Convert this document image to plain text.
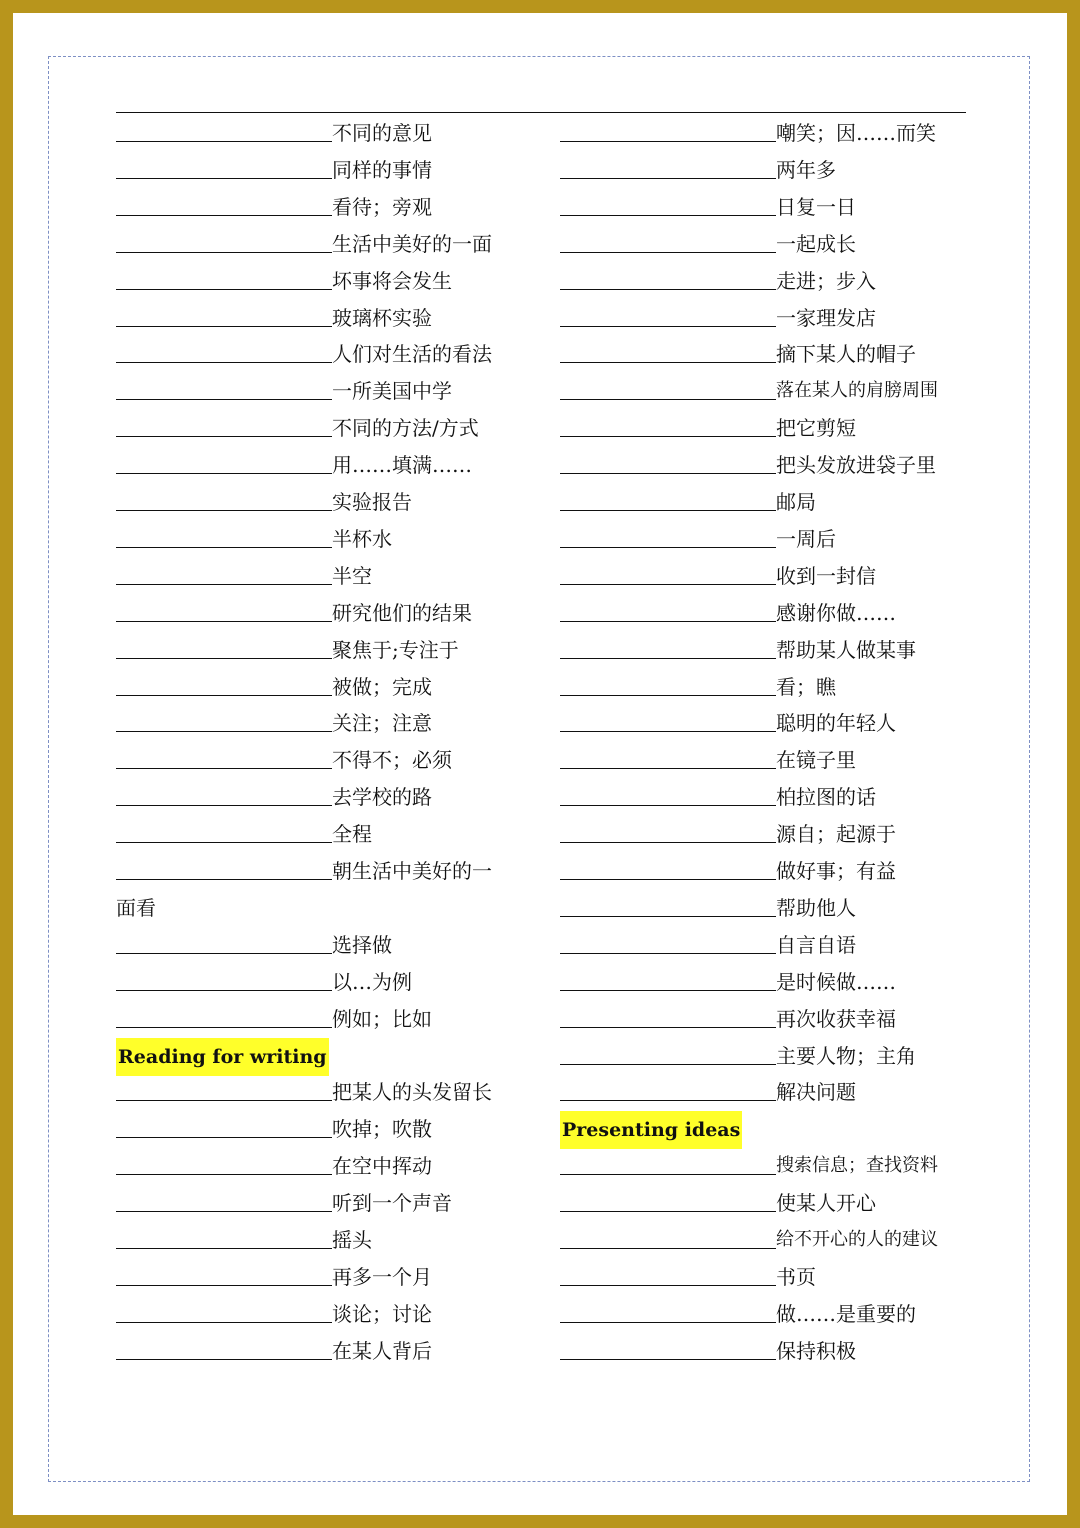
不同的意见
同样的事情
看待；旁观
生活中美好的一面
坏事将会发生
玻璃杯实验
人们对生活的看法
一所美国中学
不同的方法/方式
用……填满……
实验报告
半杯水
半空
研究他们的结果
聚焦于;专注于
被做；完成
关注；注意
不得不；必须
去学校的路
全程
朝生活中美好的一
面看
选择做
以…为例
例如；比如
Reading for writing
把某人的头发留长
吹掉；吹散
在空中挥动
听到一个声音
摇头
再多一个月
谈论；讨论
在某人背后
嘲笑；因……而笑
两年多
日复一日
一起成长
走进；步入
一家理发店
摘下某人的帽子
落在某人的肩膀周围
把它剪短
把头发放进袋子里
邮局
一周后
收到一封信
感谢你做……
帮助某人做某事
看；瞧
聪明的年轻人
在镜子里
柏拉图的话
源自；起源于
做好事；有益
帮助他人
自言自语
是时候做……
再次收获幸福
主要人物；主角
解决问题
Presenting ideas
搜索信息；查找资料
使某人开心
给不开心的人的建议
书页
做……是重要的
保持积极
